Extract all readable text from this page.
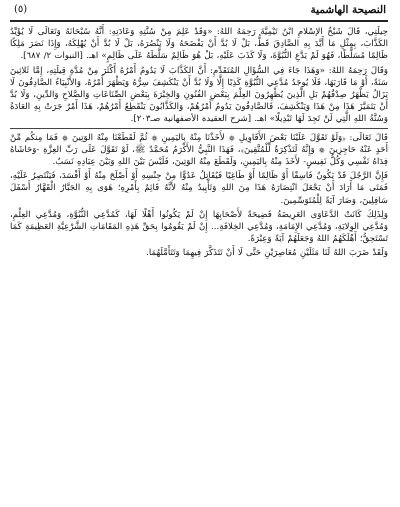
النصيحة الهاشمية
(٥)

حِيلَتِي، قَالَ شَيْخُ الإسْلامِ ابْنُ تَيْمِيَّةَ رَحِمَهُ اللهُ: «وَقَدْ عَلِمَ مِنْ سُنَّتِهِ وَعَادَتِهِ: أَنَّهُ سُبْحَانَهُ وَتَعَالَى لَا يُؤَيِّدُ الكَذَّابَ، بِمِثْلِ مَا أَيَّدَ بِهِ الصَّادِقَ قَطُّ، بَلْ لَا بُدَّ أَنْ يَفْضَحَهُ وَلَا يَنْصُرَهُ، بَلْ لَا بُدَّ أَنْ يُهْلِكَهُ، وَإِذَا نَصَرَ مَلِكًا ظَالِمًا مُسَلَّطًا، فَهُوَ لَمْ يَدَّعِ النُّبُوَّةَ، وَلَا كَذَبَ عَلَيْهِ، بَلْ هُوَ ظَالِمٌ سَلَّطَهُ عَلَى ظَالِمٍ» اهـ. [النبوات ٢/ ٦٨٧].

وَقَالَ رَحِمَهُ اللهُ: «وَهَذَا جَاءَ فِي السُّؤَالِ المُتَقَدِّمِ: أَنَّ الكَذَّابَ لَا يَدُومُ أَمْرُهُ أَكْثَرَ مِنْ مُدَّةِ قِيلَتِهِ، إِمَّا ثَلاثِينَ سَنَةً، أَوْ مَا قَارَبَهَا، فَلَا يُوجَدُ مُدَّعِي النُّبُوَّةِ كَذِبًا إِلَّا وَلَا بُدَّ أَنْ يَنْكَشِفَ سِرُّهُ وَيَظْهَرَ أَمْرُهُ، وَالأَنْبِيَاءُ الصَّادِقُونَ لَا يَزَالُ يَظْهَرُ صِدْقُهُمْ بَلِ الَّذِينَ يُظْهِرُونَ العِلْمَ بِبَعْضِ الفُنُونِ وَالخِبْرَةَ بِبَعْضِ الصِّنَاعَاتِ وَالصَّلاحِ وَالدِّينِ، وَلَا بُدَّ أَنْ يَتَمَيَّزَ هَذَا مِنْ هَذَا وَيَنْكَشِفَ، فَالصَّادِقُونَ يَدُومُ أَمْرُهُمْ، وَالكَذَّابُونَ يَنْقَطِعُ أَمْرُهُمْ، هَذَا أَمْرٌ جَرَتْ بِهِ العَادَةُ وَسُنَّةُ اللهِ الَّتِي لَنْ تَجِدَ لَهَا تَبْدِيلًا» اهـ. [شرح العقيدة الأصفهانية صـ٢٠٣].

قَالَ تَعَالَى: ﴿وَلَوْ تَقَوَّلَ عَلَيْنَا بَعْضَ الأَقَاوِيلِ ۞ لأَخَذْنَا مِنْهُ بِاليَمِينِ ۞ ثُمَّ لَقَطَعْنَا مِنْهُ الوَتِينَ ۞ فَمَا مِنكُم مِّنْ أَحَدٍ عَنْهُ حَاجِزِينَ ۞ وَإِنَّهُ لَتَذْكِرَةٌ لِّلْمُتَّقِينَ﴾، فَهَذَا النَّبِيُّ الأَكْرَمُ مُحَمَّدٌ ﷺ، لَوْ تَقَوَّلَ عَلَى رَبِّ العِزَّةِ -وَحَاشَاهُ فِدَاهُ نَفْسِي وَكُلُّ نَفِيسٍ- لأَخَذَ مِنْهُ بِاليَمِينِ، وَلَقَطَعَ مِنْهُ الوَتِينَ، فَلَيْسَ بَيْنَ اللهِ وَبَيْنَ عِبَادِهِ نَسَبٌ.

فَإِنَّ الرَّجُلَ قَدْ يَكُونُ فَاسِقًا أَوْ ظَالِمًا أَوْ طَاغِيًا فَيُقَاتِلُ عَدُوًّا مِنْ جِنْسِهِ أَوْ أَصْلَحَ مِنْهُ أَوْ أَفْسَدَ، فَيَنْتَصِرُ عَلَيْهِ، فَمَتَى مَا أَرَادَ أَنْ يَجْعَلَ انْتِصَارَهُ هَذَا مِنَ اللهِ وَتَأْيِيدٌ مِنْهُ لأَنَّهُ قَائِمٌ بِأَمْرِهِ؛ هَوَى بِهِ الجَبَّارُ الْقَهَّارُ أَسْفَلَ سَافِلِينَ، وَصَارَ آيَةً لِلْمُتَوَسِّمِينَ.

وَلِذَلِكَ كَانَتْ الدَّعَاوَى العَرِيضَةُ فَضِيحَةً لأَصْحَابِهَا إِنْ لَمْ يَكُونُوا أَهْلًا لَهَا، كَمُدَّعِي النُّبُوَّةِ، وَمُدَّعِي العِلْمِ، وَمُدَّعِي الوِلايَةِ، وَمُدَّعِي الإِمَامَةِ، وَمُدَّعِي الخِلافَةِ... إِنْ لَمْ يَقُومُوا بِحَقِّ هَذِهِ المَقَامَاتِ الشَّرْعِيَّةِ العَظِيمَةِ كَمَا تَسْتَحِقُّ؛ أَهْلَكَهُمُ اللهُ وَجَعَلَهُمْ آيَةً وَعِبْرَةً.

وَلَقَدْ ضَرَبَ اللهُ لَنَا مَثَلَيْنِ مُعَاصِرَيْنِ حَتَّى لَا أَنْ تَتَذَكَّرَ فِيهِمَا وَتَتَأَمَّلَهُمَا.
